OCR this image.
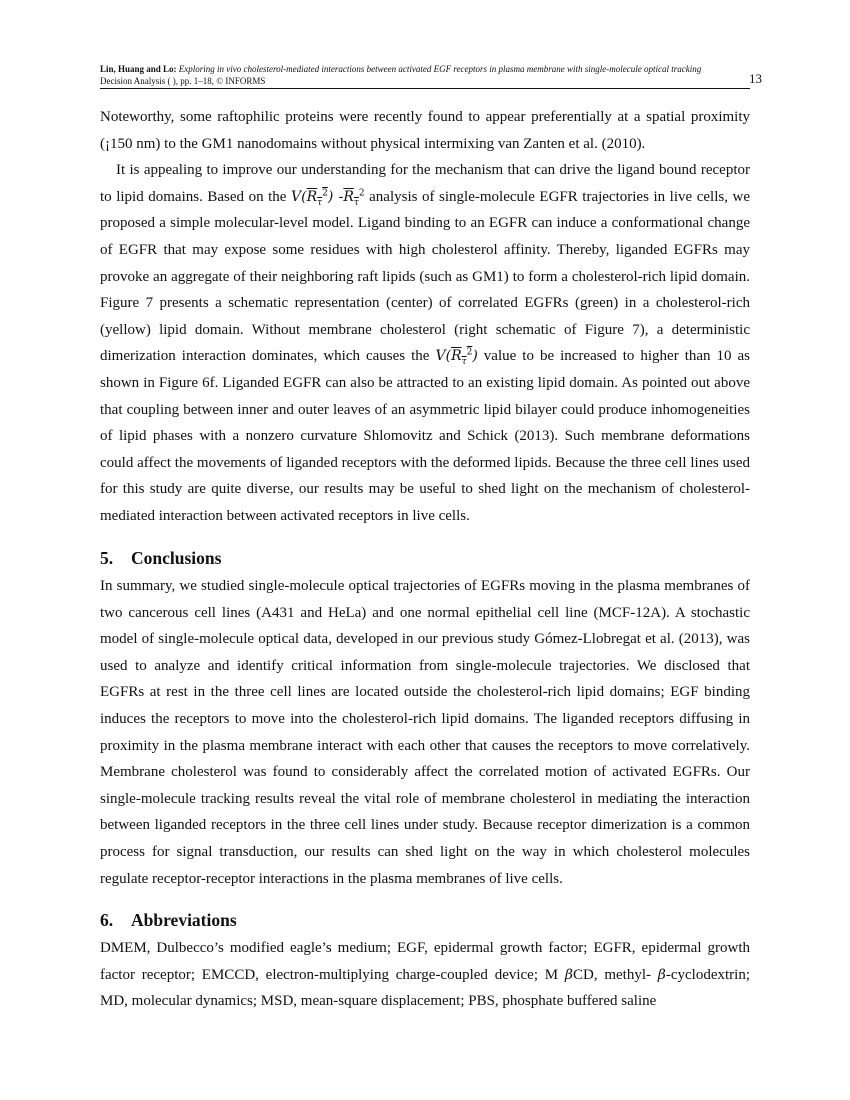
Lin, Huang and Lo: Exploring in vivo cholesterol-mediated interactions between activated EGF receptors in plasma membrane with single-molecule optical tracking
Decision Analysis ( ), pp. 1–18, © INFORMS	13

Noteworthy, some raftophilic proteins were recently found to appear preferentially at a spatial proximity (¡150 nm) to the GM1 nanodomains without physical intermixing van Zanten et al. (2010).

It is appealing to improve our understanding for the mechanism that can drive the ligand bound receptor to lipid domains. Based on the $V(R_\tau^2)$ $-R_\tau^2$ analysis of single-molecule EGFR trajectories in live cells, we proposed a simple molecular-level model. Ligand binding to an EGFR can induce a conformational change of EGFR that may expose some residues with high cholesterol affinity. Thereby, liganded EGFRs may provoke an aggregate of their neighboring raft lipids (such as GM1) to form a cholesterol-rich lipid domain. Figure 7 presents a schematic representation (center) of correlated EGFRs (green) in a cholesterol-rich (yellow) lipid domain. Without membrane cholesterol (right schematic of Figure 7), a deterministic dimerization interaction dominates, which causes the $V(R_\tau^2)$ value to be increased to higher than 10 as shown in Figure 6f. Liganded EGFR can also be attracted to an existing lipid domain. As pointed out above that coupling between inner and outer leaves of an asymmetric lipid bilayer could produce inhomogeneities of lipid phases with a nonzero curvature Shlomovitz and Schick (2013). Such membrane deformations could affect the movements of liganded receptors with the deformed lipids. Because the three cell lines used for this study are quite diverse, our results may be useful to shed light on the mechanism of cholesterol-mediated interaction between activated receptors in live cells.

5. Conclusions

In summary, we studied single-molecule optical trajectories of EGFRs moving in the plasma membranes of two cancerous cell lines (A431 and HeLa) and one normal epithelial cell line (MCF-12A). A stochastic model of single-molecule optical data, developed in our previous study Gómez-Llobregat et al. (2013), was used to analyze and identify critical information from single-molecule trajectories. We disclosed that EGFRs at rest in the three cell lines are located outside the cholesterol-rich lipid domains; EGF binding induces the receptors to move into the cholesterol-rich lipid domains. The liganded receptors diffusing in proximity in the plasma membrane interact with each other that causes the receptors to move correlatively. Membrane cholesterol was found to considerably affect the correlated motion of activated EGFRs. Our single-molecule tracking results reveal the vital role of membrane cholesterol in mediating the interaction between liganded receptors in the three cell lines under study. Because receptor dimerization is a common process for signal transduction, our results can shed light on the way in which cholesterol molecules regulate receptor-receptor interactions in the plasma membranes of live cells.

6. Abbreviations

DMEM, Dulbecco’s modified eagle’s medium; EGF, epidermal growth factor; EGFR, epidermal growth factor receptor; EMCCD, electron-multiplying charge-coupled device; M βCD, methyl- β-cyclodextrin; MD, molecular dynamics; MSD, mean-square displacement; PBS, phosphate buffered saline
